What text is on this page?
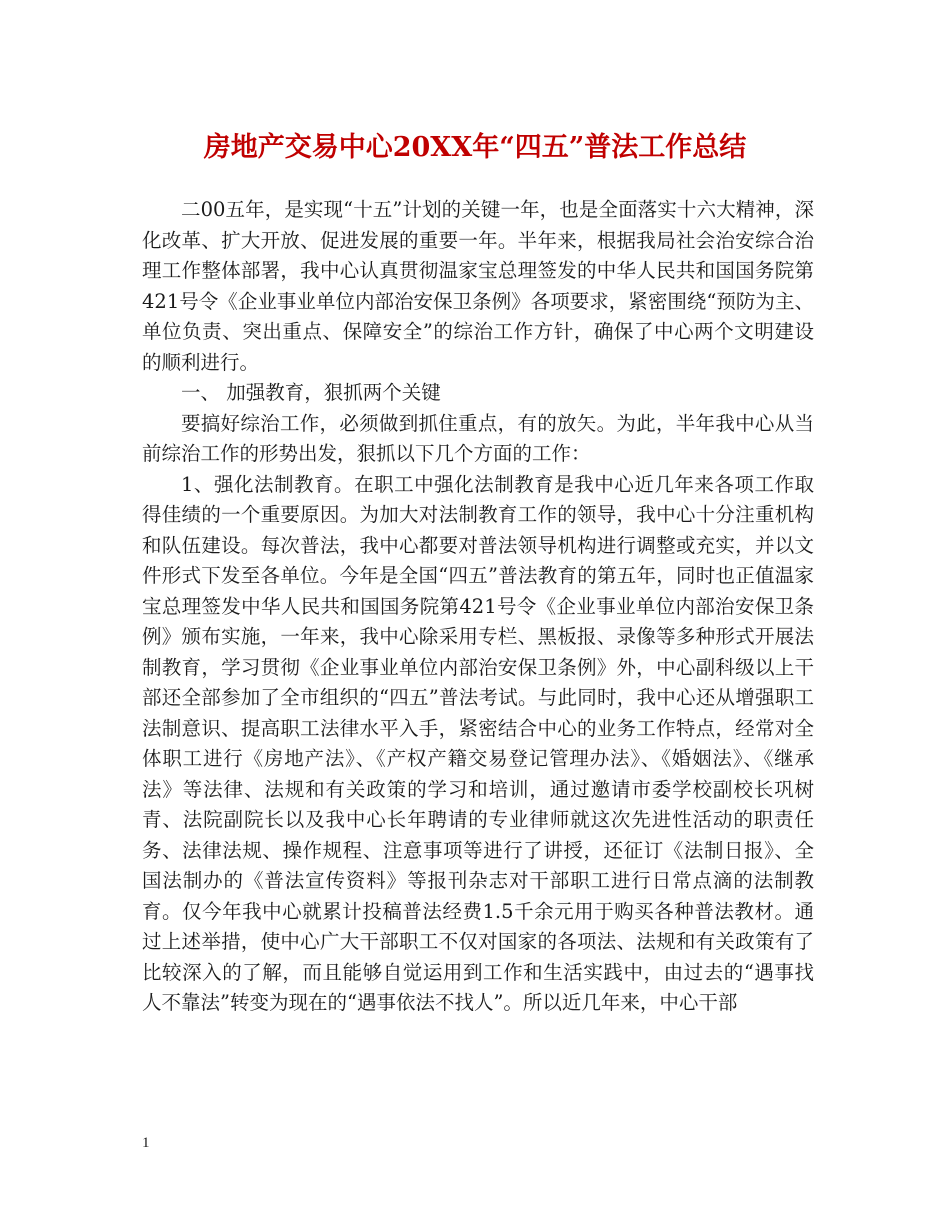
房地产交易中心20XX年“四五”普法工作总结

二00五年，是实现“十五”计划的关键一年，也是全面落实十六大精神，深化改革、扩大开放、促进发展的重要一年。半年来，根据我局社会治安综合治理工作整体部署，我中心认真贯彻温家宝总理签发的中华人民共和国国务院第421号令《企业事业单位内部治安保卫条例》各项要求，紧密围绕“预防为主、单位负责、突出重点、保障安全”的综治工作方针，确保了中心两个文明建设的顺利进行。

一、 加强教育，狠抓两个关键

要搞好综治工作，必须做到抓住重点，有的放矢。为此，半年我中心从当前综治工作的形势出发，狠抓以下几个方面的工作：

1、强化法制教育。在职工中强化法制教育是我中心近几年来各项工作取得佳绩的一个重要原因。为加大对法制教育工作的领导，我中心十分注重机构和队伍建设。每次普法，我中心都要对普法领导机构进行调整或充实，并以文件形式下发至各单位。今年是全国“四五”普法教育的第五年，同时也正值温家宝总理签发中华人民共和国国务院第421号令《企业事业单位内部治安保卫条例》颁布实施，一年来，我中心除采用专栏、黑板报、录像等多种形式开展法制教育，学习贯彻《企业事业单位内部治安保卫条例》外，中心副科级以上干部还全部参加了全市组织的“四五”普法考试。与此同时，我中心还从增强职工法制意识、提高职工法律水平入手，紧密结合中心的业务工作特点，经常对全体职工进行《房地产法》、《产权产籍交易登记管理办法》、《婚姻法》、《继承法》等法律、法规和有关政策的学习和培训，通过邀请市委学校副校长巩树青、法院副院长以及我中心长年聘请的专业律师就这次先进性活动的职责任务、法律法规、操作规程、注意事项等进行了讲授，还征订《法制日报》、全国法制办的《普法宣传资料》等报刊杂志对干部职工进行日常点滴的法制教育。仅今年我中心就累计投稿普法经费1.5千余元用于购买各种普法教材。通过上述举措，使中心广大干部职工不仅对国家的各项法、法规和有关政策有了比较深入的了解，而且能够自觉运用到工作和生活实践中，由过去的“遇事找人不靠法”转变为现在的“遇事依法不找人”。所以近几年来，中心干部

1
